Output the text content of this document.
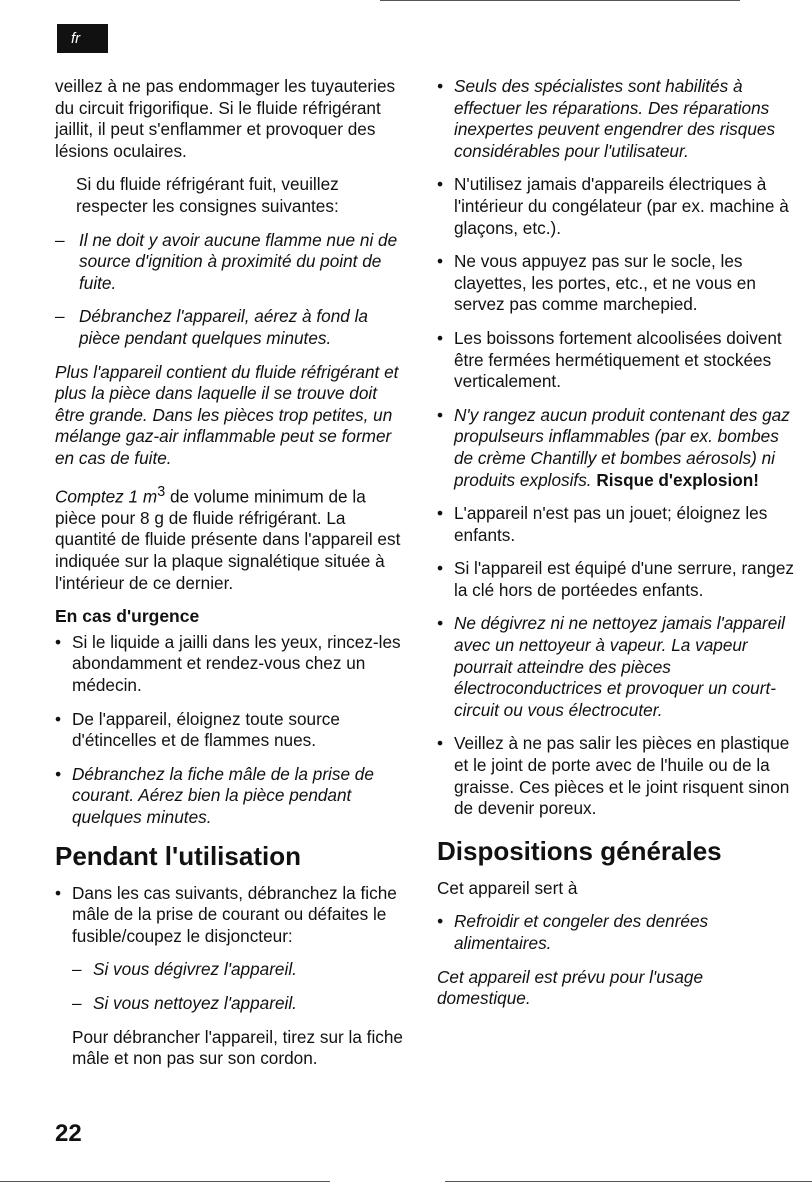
fr

veillez à ne pas endommager les tuyauteries du circuit frigorifique. Si le fluide réfrigérant jaillit, il peut s'enflammer et provoquer des lésions oculaires.

Si du fluide réfrigérant fuit, veuillez respecter les consignes suivantes:

– Il ne doit y avoir aucune flamme nue ni de source d'ignition à proximité du point de fuite.
– Débranchez l'appareil, aérez à fond la pièce pendant quelques minutes.

Plus l'appareil contient du fluide réfrigérant et plus la pièce dans laquelle il se trouve doit être grande. Dans les pièces trop petites, un mélange gaz-air inflammable peut se former en cas de fuite.

Comptez 1 $m^3$ de volume minimum de la pièce pour 8 g de fluide réfrigérant. La quantité de fluide présente dans l'appareil est indiquée sur la plaque signalétique située à l'intérieur de ce dernier.

En cas d'urgence

• Si le liquide a jailli dans les yeux, rincez-les abondamment et rendez-vous chez un médecin.
• De l'appareil, éloignez toute source d'étincelles et de flammes nues.
• Débranchez la fiche mâle de la prise de courant. Aérez bien la pièce pendant quelques minutes.
Pendant l'utilisation
• Dans les cas suivants, débranchez la fiche mâle de la prise de courant ou défaites le fusible/coupez le disjoncteur:
– Si vous dégivrez l'appareil.
– Si vous nettoyez l'appareil.

Pour débrancher l'appareil, tirez sur la fiche mâle et non pas sur son cordon.

• Seuls des spécialistes sont habilités à effectuer les réparations. Des réparations inexpertes peuvent engendrer des risques considérables pour l'utilisateur.
• N'utilisez jamais d'appareils électriques à l'intérieur du congélateur (par ex. machine à glaçons, etc.).
• Ne vous appuyez pas sur le socle, les clayettes, les portes, etc., et ne vous en servez pas comme marchepied.
• Les boissons fortement alcoolisées doivent être fermées hermétiquement et stockées verticalement.
• N'y rangez aucun produit contenant des gaz propulseurs inflammables (par ex. bombes de crème Chantilly et bombes aérosols) ni produits explosifs. Risque d'explosion!
• L'appareil n'est pas un jouet; éloignez les enfants.
• Si l'appareil est équipé d'une serrure, rangez la clé hors de portéedes enfants.
• Ne dégivrez ni ne nettoyez jamais l'appareil avec un nettoyeur à vapeur. La vapeur pourrait atteindre des pièces électroconductrices et provoquer un court-circuit ou vous électrocuter.
• Veillez à ne pas salir les pièces en plastique et le joint de porte avec de l'huile ou de la graisse. Ces pièces et le joint risquent sinon de devenir poreux.
Dispositions générales

Cet appareil sert à

• Refroidir et congeler des denrées alimentaires.

Cet appareil est prévu pour l'usage domestique.

22
